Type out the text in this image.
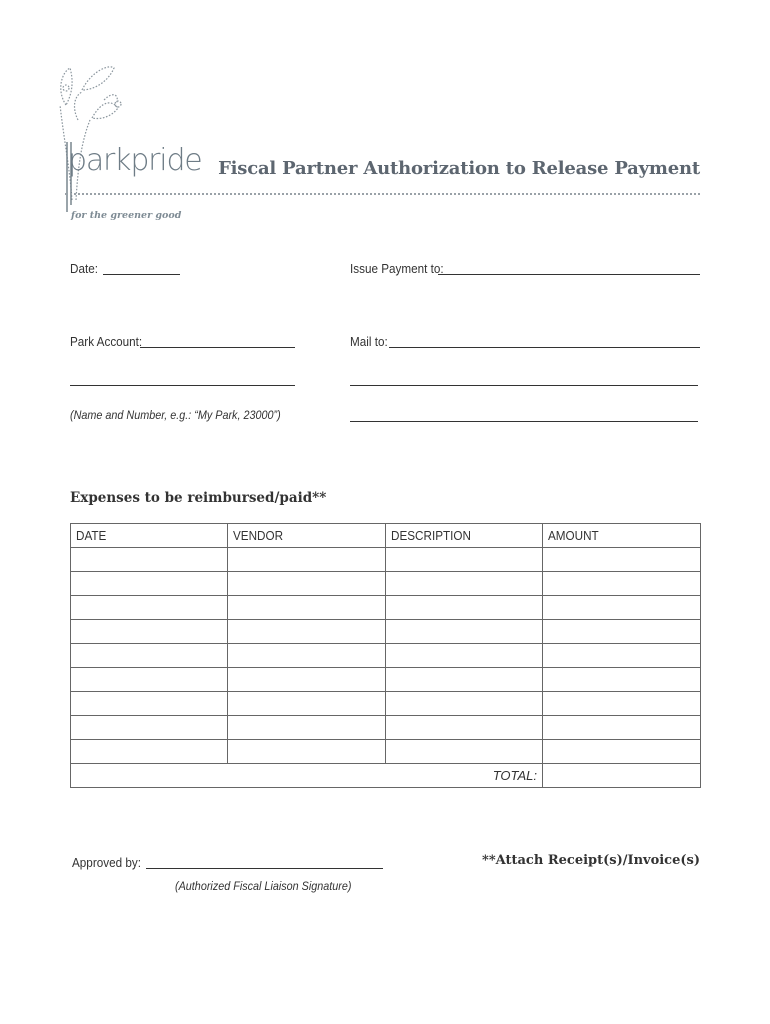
parkpride
for the greener good
Fiscal Partner Authorization to Release Payment
Date:	Issue Payment to:
Park Account:
(Name and Number, e.g.: “My Park, 23000”)
Mail to:
Expenses to be reimbursed/paid**
DATE	VENDOR	DESCRIPTION	AMOUNT

TOTAL:			
Approved by:
(Authorized Fiscal Liaison Signature)
**Attach Receipt(s)/Invoice(s)
